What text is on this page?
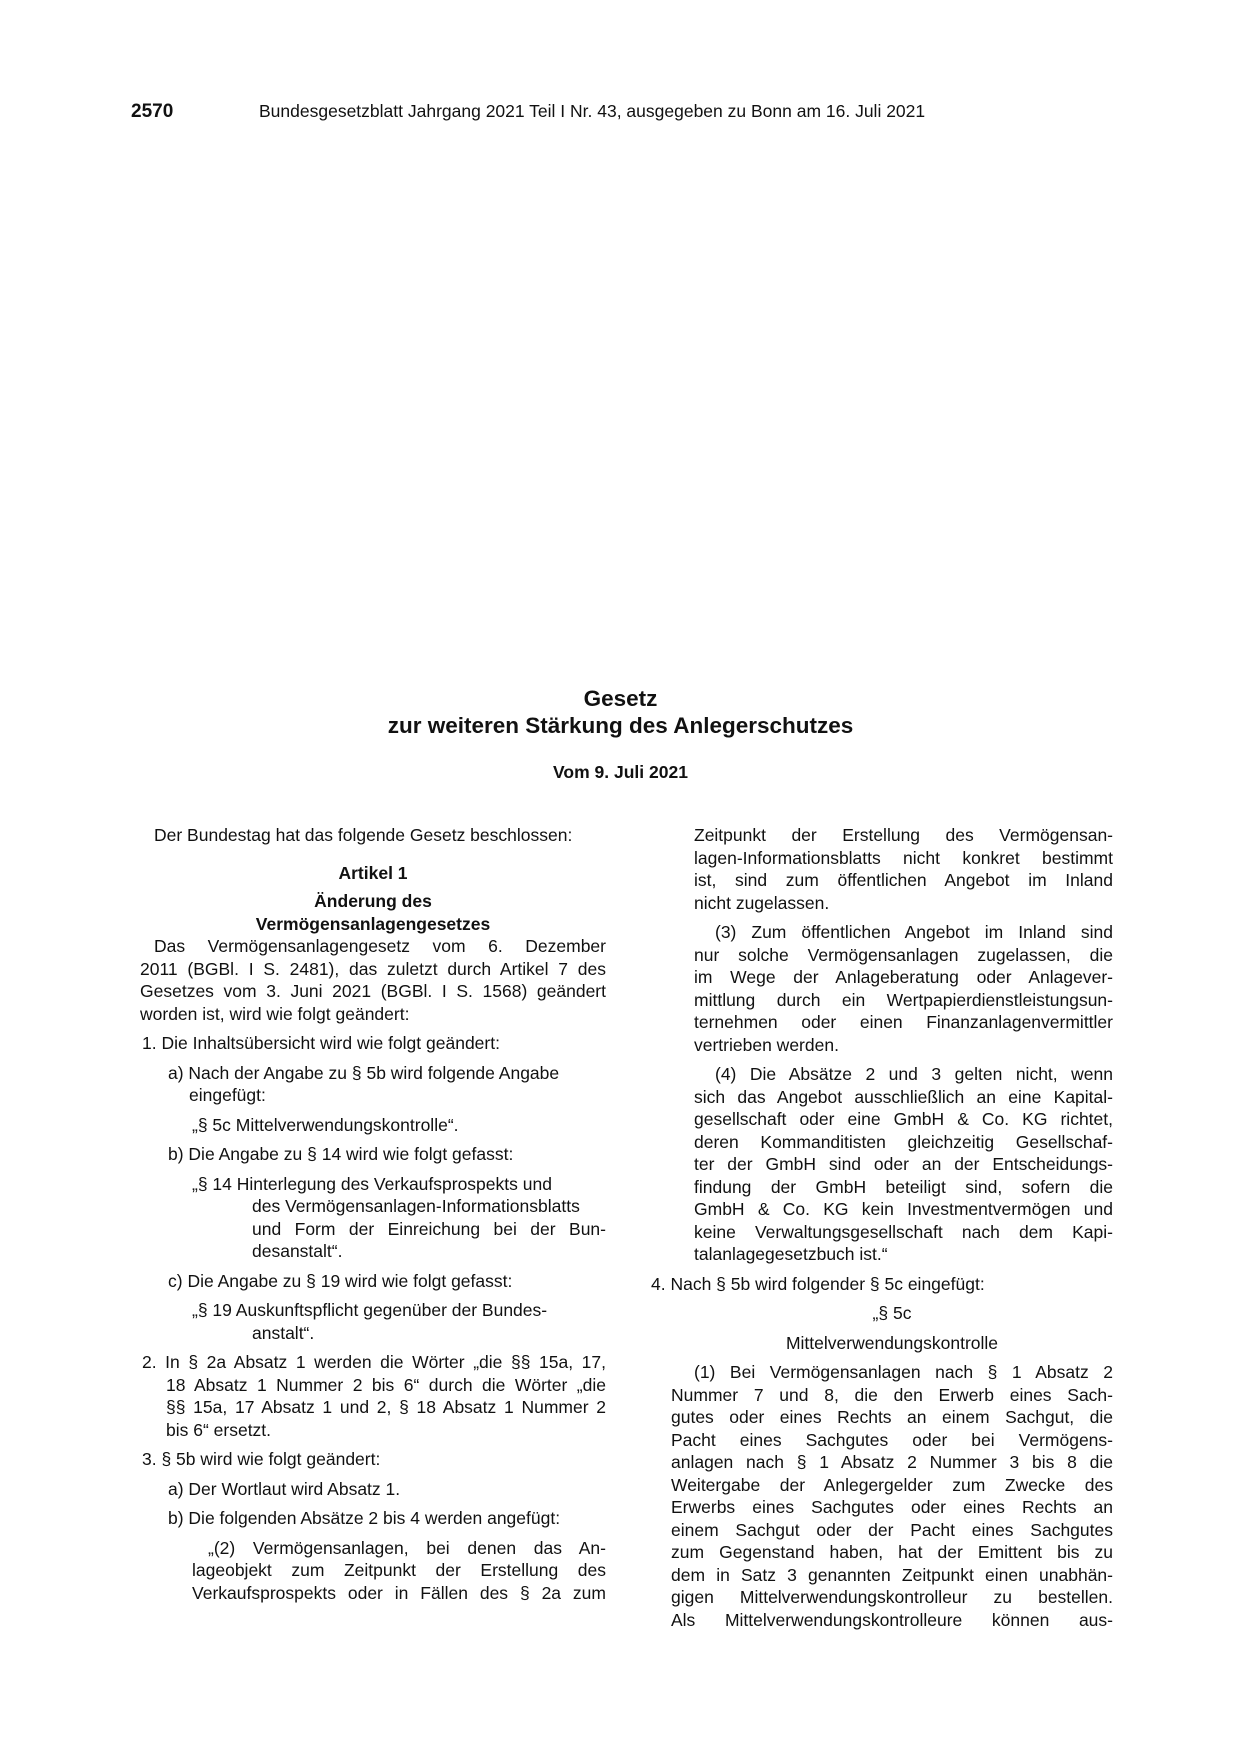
2570	Bundesgesetzblatt Jahrgang 2021 Teil I Nr. 43, ausgegeben zu Bonn am 16. Juli 2021
Gesetz
zur weiteren Stärkung des Anlegerschutzes
Vom 9. Juli 2021
Der Bundestag hat das folgende Gesetz beschlossen:
Artikel 1
Änderung des
Vermögensanlagengesetzes
Das Vermögensanlagengesetz vom 6. Dezember
2011 (BGBl. I S. 2481), das zuletzt durch Artikel 7 des
Gesetzes vom 3. Juni 2021 (BGBl. I S. 1568) geändert
worden ist, wird wie folgt geändert:
1. Die Inhaltsübersicht wird wie folgt geändert:
a) Nach der Angabe zu § 5b wird folgende Angabe
eingefügt:
„§ 5c Mittelverwendungskontrolle“.
b) Die Angabe zu § 14 wird wie folgt gefasst:
„§ 14 Hinterlegung des Verkaufsprospekts und
des Vermögensanlagen-Informationsblatts
und Form der Einreichung bei der Bun-
desanstalt“.
c) Die Angabe zu § 19 wird wie folgt gefasst:
„§ 19 Auskunftspflicht gegenüber der Bundes-
anstalt“.
2. In § 2a Absatz 1 werden die Wörter „die §§ 15a, 17,
18 Absatz 1 Nummer 2 bis 6“ durch die Wörter „die
§§ 15a, 17 Absatz 1 und 2, § 18 Absatz 1 Nummer 2
bis 6“ ersetzt.
3. § 5b wird wie folgt geändert:
a) Der Wortlaut wird Absatz 1.
b) Die folgenden Absätze 2 bis 4 werden angefügt:
„(2) Vermögensanlagen, bei denen das An-
lageobjekt zum Zeitpunkt der Erstellung des
Verkaufsprospekts oder in Fällen des § 2a zum
Zeitpunkt der Erstellung des Vermögensan-
lagen-Informationsblatts nicht konkret bestimmt
ist, sind zum öffentlichen Angebot im Inland
nicht zugelassen.
(3) Zum öffentlichen Angebot im Inland sind
nur solche Vermögensanlagen zugelassen, die
im Wege der Anlageberatung oder Anlagever-
mittlung durch ein Wertpapierdienstleistungsun-
ternehmen oder einen Finanzanlagenvermittler
vertrieben werden.
(4) Die Absätze 2 und 3 gelten nicht, wenn
sich das Angebot ausschließlich an eine Kapital-
gesellschaft oder eine GmbH & Co. KG richtet,
deren Kommanditisten gleichzeitig Gesellschaf-
ter der GmbH sind oder an der Entscheidungs-
findung der GmbH beteiligt sind, sofern die
GmbH & Co. KG kein Investmentvermögen und
keine Verwaltungsgesellschaft nach dem Kapi-
talanlagegesetzbuch ist.“
4. Nach § 5b wird folgender § 5c eingefügt:
„§ 5c
Mittelverwendungskontrolle
(1) Bei Vermögensanlagen nach § 1 Absatz 2
Nummer 7 und 8, die den Erwerb eines Sach-
gutes oder eines Rechts an einem Sachgut, die
Pacht eines Sachgutes oder bei Vermögens-
anlagen nach § 1 Absatz 2 Nummer 3 bis 8 die
Weitergabe der Anlegergelder zum Zwecke des
Erwerbs eines Sachgutes oder eines Rechts an
einem Sachgut oder der Pacht eines Sachgutes
zum Gegenstand haben, hat der Emittent bis zu
dem in Satz 3 genannten Zeitpunkt einen unabhän-
gigen Mittelverwendungskontrolleur zu bestellen.
Als Mittelverwendungskontrolleure können aus-
